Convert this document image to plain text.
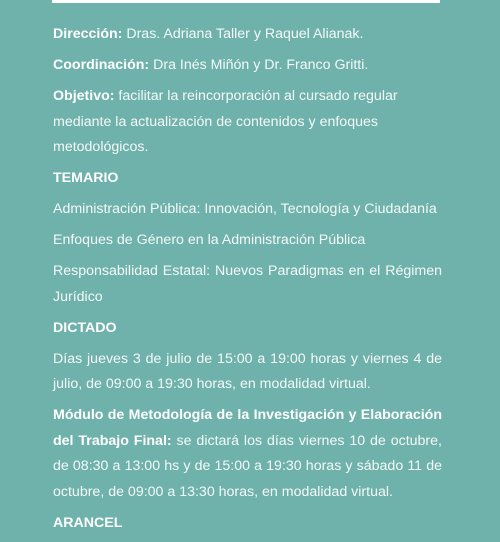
Dirección: Dras. Adriana Taller y Raquel Alianak.

Coordinación: Dra Inés Miñón y Dr. Franco Gritti.

Objetivo: facilitar la reincorporación al cursado regular mediante la actualización de contenidos y enfoques metodológicos.

TEMARIO

Administración Pública: Innovación, Tecnología y Ciudadanía

Enfoques de Género en la Administración Pública

Responsabilidad Estatal: Nuevos Paradigmas en el Régimen Jurídico

DICTADO

Días jueves 3 de julio de 15:00 a 19:00 horas y viernes 4 de julio, de 09:00 a 19:30 horas, en modalidad virtual.

Módulo de Metodología de la Investigación y Elaboración del Trabajo Final: se dictará los días viernes 10 de octubre, de 08:30 a 13:00 hs y de 15:00 a 19:30 horas y sábado 11 de octubre, de 09:00 a 13:30 horas, en modalidad virtual.

ARANCEL
